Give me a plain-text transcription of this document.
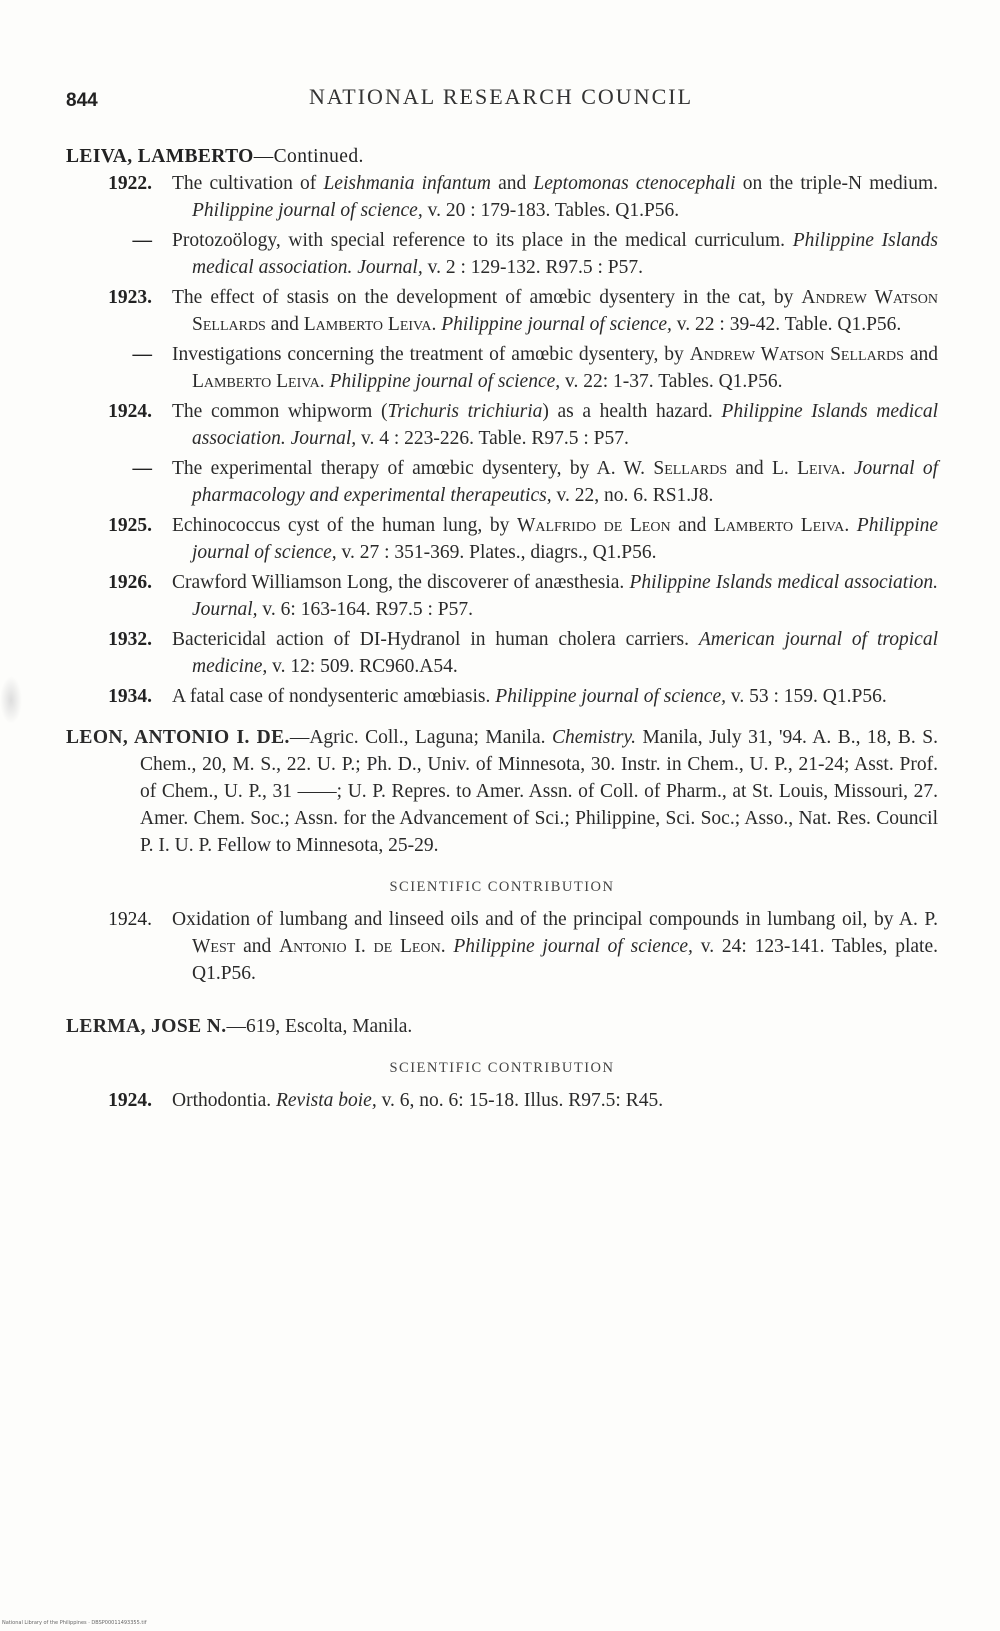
844	NATIONAL RESEARCH COUNCIL
LEIVA, LAMBERTO—Continued.
1922. The cultivation of Leishmania infantum and Leptomonas ctenocephali on the triple-N medium. Philippine journal of science, v. 20 : 179-183. Tables. Q1.P56.
— Protozoölogy, with special reference to its place in the medical curriculum. Philippine Islands medical association. Journal, v. 2 : 129-132. R97.5 : P57.
1923. The effect of stasis on the development of amœbic dysentery in the cat, by Andrew Watson Sellards and Lamberto Leiva. Philippine journal of science, v. 22 : 39-42. Table. Q1.P56.
— Investigations concerning the treatment of amœbic dysentery, by Andrew Watson Sellards and Lamberto Leiva. Philippine journal of science, v. 22: 1-37. Tables. Q1.P56.
1924. The common whipworm (Trichuris trichiuria) as a health hazard. Philippine Islands medical association. Journal, v. 4 : 223-226. Table. R97.5 : P57.
— The experimental therapy of amœbic dysentery, by A. W. Sellards and L. Leiva. Journal of pharmacology and experimental therapeutics, v. 22, no. 6. RS1.J8.
1925. Echinococcus cyst of the human lung, by Walfrido de Leon and Lamberto Leiva. Philippine journal of science, v. 27 : 351-369. Plates., diagrs., Q1.P56.
1926. Crawford Williamson Long, the discoverer of anæsthesia. Philippine Islands medical association. Journal, v. 6: 163-164. R97.5 : P57.
1932. Bactericidal action of DI-Hydranol in human cholera carriers. American journal of tropical medicine, v. 12: 509. RC960.A54.
1934. A fatal case of nondysenteric amœbiasis. Philippine journal of science, v. 53 : 159. Q1.P56.
LEON, ANTONIO I. DE.—Agric. Coll., Laguna; Manila. Chemistry. Manila, July 31, '94. A. B., 18, B. S. Chem., 20, M. S., 22. U. P.; Ph. D., Univ. of Minnesota, 30. Instr. in Chem., U. P., 21-24; Asst. Prof. of Chem., U. P., 31 ——; U. P. Repres. to Amer. Assn. of Coll. of Pharm., at St. Louis, Missouri, 27. Amer. Chem. Soc.; Assn. for the Advancement of Sci.; Philippine, Sci. Soc.; Asso., Nat. Res. Council P. I. U. P. Fellow to Minnesota, 25-29.
SCIENTIFIC CONTRIBUTION
1924. Oxidation of lumbang and linseed oils and of the principal compounds in lumbang oil, by A. P. West and Antonio I. de Leon. Philippine journal of science, v. 24: 123-141. Tables, plate. Q1.P56.
LERMA, JOSE N.—619, Escolta, Manila.
SCIENTIFIC CONTRIBUTION
1924. Orthodontia. Revista boie, v. 6, no. 6: 15-18. Illus. R97.5: R45.
National Library of the Philippines · DBSP00011493355.tif
